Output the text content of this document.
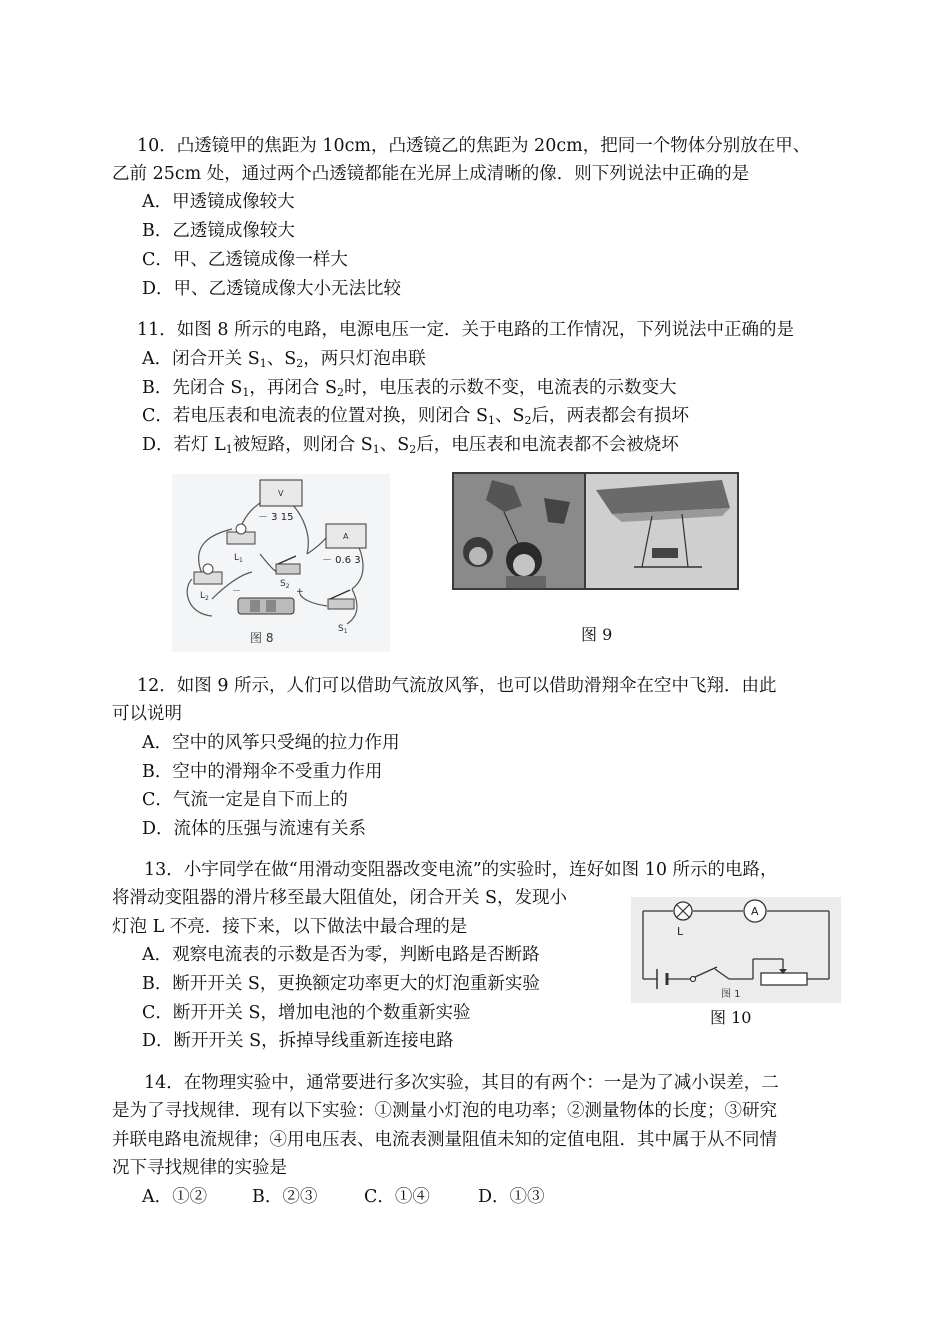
10．凸透镜甲的焦距为 10cm，凸透镜乙的焦距为 20cm，把同一个物体分别放在甲、
乙前 25cm 处，通过两个凸透镜都能在光屏上成清晰的像．则下列说法中正确的是
A．甲透镜成像较大
B．乙透镜成像较大
C．甲、乙透镜成像一样大
D．甲、乙透镜成像大小无法比较
11．如图 8 所示的电路，电源电压一定．关于电路的工作情况，下列说法中正确的是
A．闭合开关 $S_1$、$S_2$，两只灯泡串联
B．先闭合 $S_1$，再闭合 $S_2$时，电压表的示数不变，电流表的示数变大
C．若电压表和电流表的位置对换，则闭合 $S_1$、$S_2$后，两表都会有损坏
D．若灯 $L_1$被短路，则闭合 $S_1$、$S_2$后，电压表和电流表都不会被烧坏
V
－ 3 15
A
－ 0.6 3
$L_1$
$L_2$
$S_2$
$S_1$
－	+
图 8	图 9
12．如图 9 所示，人们可以借助气流放风筝，也可以借助滑翔伞在空中飞翔．由此
可以说明
A．空中的风筝只受绳的拉力作用
B．空中的滑翔伞不受重力作用
C．气流一定是自下而上的
D．流体的压强与流速有关系
13．小宇同学在做“用滑动变阻器改变电流”的实验时，连好如图 10 所示的电路，
将滑动变阻器的滑片移至最大阻值处，闭合开关 S，发现小
灯泡 L 不亮．接下来，以下做法中最合理的是
A．观察电流表的示数是否为零，判断电路是否断路
B．断开开关 S，更换额定功率更大的灯泡重新实验
C．断开开关 S，增加电池的个数重新实验
D．断开开关 S，拆掉导线重新连接电路
L
A
图 1
图 10
14．在物理实验中，通常要进行多次实验，其目的有两个：一是为了减小误差，二
是为了寻找规律．现有以下实验：①测量小灯泡的电功率；②测量物体的长度；③研究
并联电路电流规律；④用电压表、电流表测量阻值未知的定值电阻．其中属于从不同情
况下寻找规律的实验是
A．①②	B．②③	C．①④	D．①③
